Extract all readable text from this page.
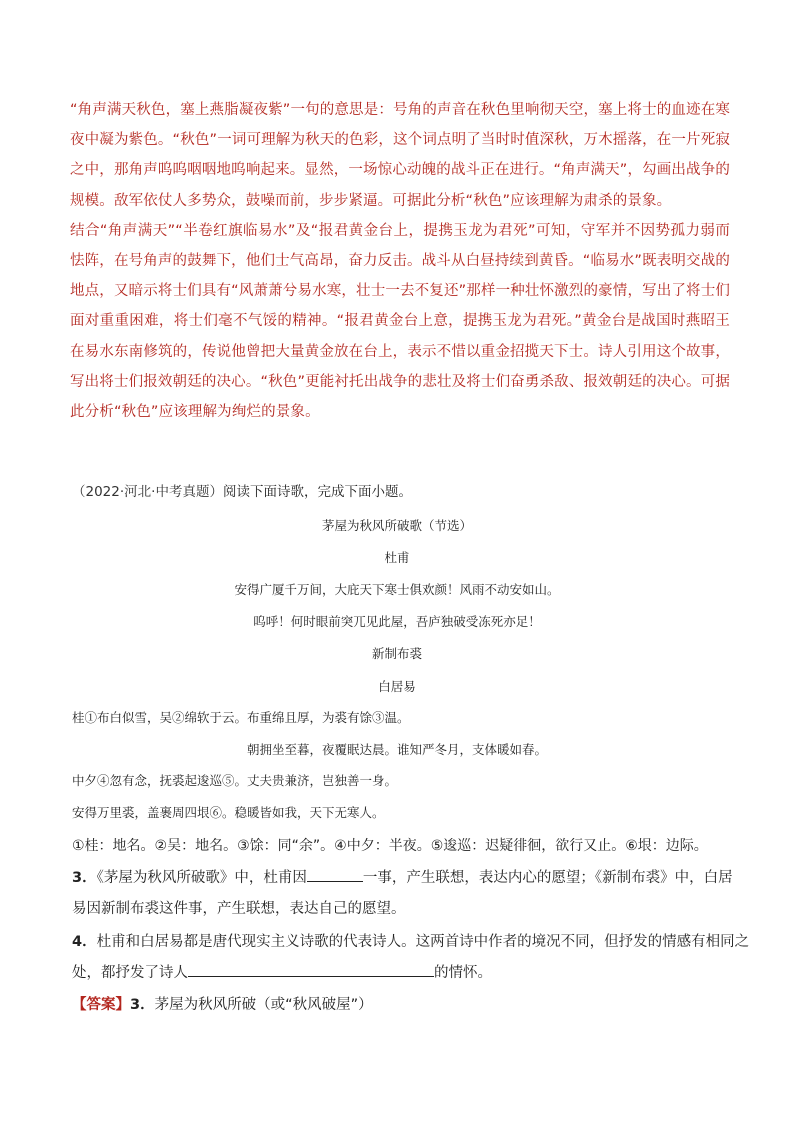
“角声满天秋色，塞上燕脂凝夜紫”一句的意思是：号角的声音在秋色里响彻天空，塞上将士的血迹在寒夜中凝为紫色。“秋色”一词可理解为秋天的色彩，这个词点明了当时时值深秋，万木摇落，在一片死寂之中，那角声呜呜咽咽地呜响起来。显然，一场惊心动魄的战斗正在进行。“角声满天”，勾画出战争的规模。敌军依仗人多势众，鼓噪而前，步步紧逼。可据此分析“秋色”应该理解为肃杀的景象。

结合“角声满天”“半卷红旗临易水”及“报君黄金台上，提携玉龙为君死”可知，守军并不因势孤力弱而怯阵，在号角声的鼓舞下，他们士气高昂，奋力反击。战斗从白昼持续到黄昏。“临易水”既表明交战的地点，又暗示将士们具有“风萧萧兮易水寒，壮士一去不复还”那样一种壮怀激烈的豪情，写出了将士们面对重重困难，将士们毫不气馁的精神。“报君黄金台上意，提携玉龙为君死。”黄金台是战国时燕昭王在易水东南修筑的，传说他曾把大量黄金放在台上，表示不惜以重金招揽天下士。诗人引用这个故事，写出将士们报效朝廷的决心。“秋色”更能衬托出战争的悲壮及将士们奋勇杀敌、报效朝廷的决心。可据此分析“秋色”应该理解为绚烂的景象。

（2022·河北·中考真题）阅读下面诗歌，完成下面小题。
茅屋为秋风所破歌（节选）
杜甫
安得广厦千万间，大庇天下寒士俱欢颜！风雨不动安如山。
呜呼！何时眼前突兀见此屋，吾庐独破受冻死亦足！
新制布裘
白居易
桂①布白似雪，吴②绵软于云。布重绵且厚，为裘有馀③温。
朝拥坐至暮，夜覆眠达晨。谁知严冬月，支体暖如春。
中夕④忽有念，抚裘起逡巡⑤。丈夫贵兼济，岂独善一身。
安得万里裘，盖裹周四垠⑥。稳暖皆如我，天下无寒人。
①桂：地名。②吴：地名。③馀：同“余”。④中夕：半夜。⑤逡巡：迟疑徘徊，欲行又止。⑥垠：边际。
3．《茅屋为秋风所破歌》中，杜甫因	一事，产生联想，表达内心的愿望；《新制布裘》中，白居
易因新制布裘这件事，产生联想，表达自己的愿望。
4．杜甫和白居易都是唐代现实主义诗歌的代表诗人。这两首诗中作者的境况不同，但抒发的情感有相同之
处，都抒发了诗人	的情怀。
【答案】3．茅屋为秋风所破（或“秋风破屋”）
